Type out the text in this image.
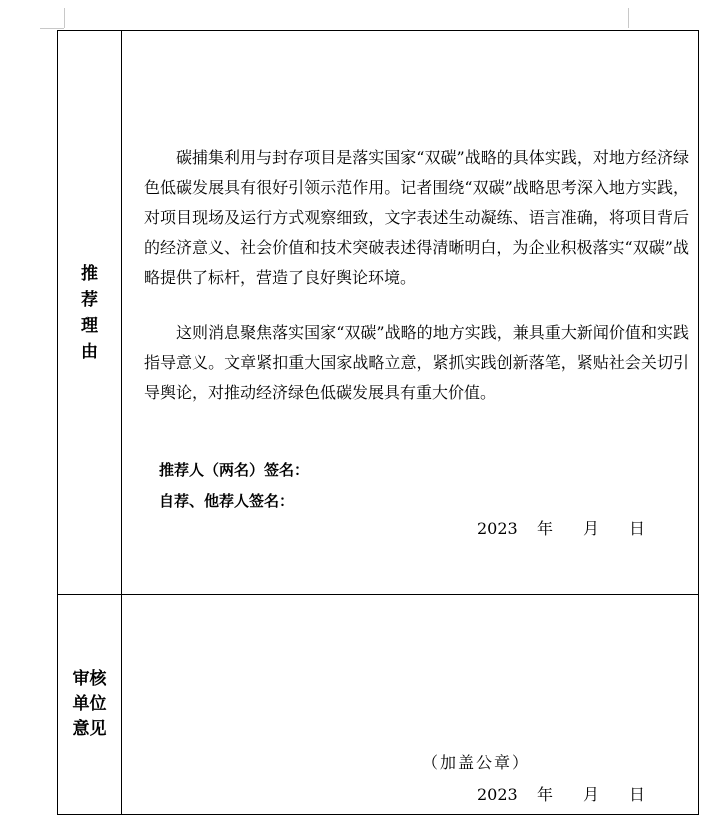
推荐理由

碳捕集利用与封存项目是落实国家“双碳”战略的具体实践，对地方经济绿色低碳发展具有很好引领示范作用。记者围绕“双碳”战略思考深入地方实践，对项目现场及运行方式观察细致，文字表述生动凝练、语言准确，将项目背后的经济意义、社会价值和技术突破表述得清晰明白，为企业积极落实“双碳”战略提供了标杆，营造了良好舆论环境。

这则消息聚焦落实国家“双碳”战略的地方实践，兼具重大新闻价值和实践指导意义。文章紧扣重大国家战略立意，紧抓实践创新落笔，紧贴社会关切引导舆论，对推动经济绿色低碳发展具有重大价值。

推荐人（两名）签名：
自荐、他荐人签名：
2023 年 月 日
审核单位意见
（加盖公章）
2023 年 月 日
